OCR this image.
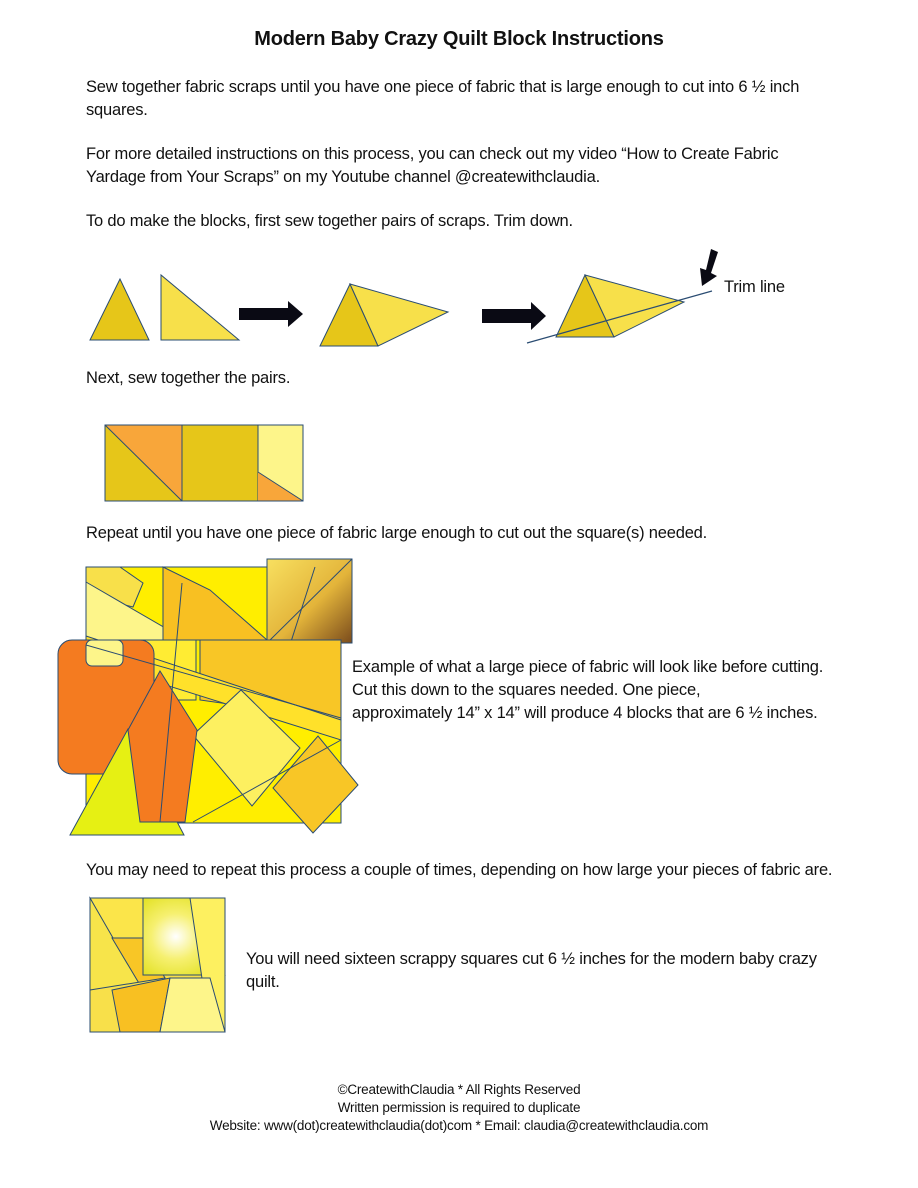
Modern Baby Crazy Quilt Block Instructions

Sew together fabric scraps until you have one piece of fabric that is large enough to cut into 6 ½ inch squares.

For more detailed instructions on this process, you can check out my video “How to Create Fabric Yardage from Your Scraps” on my Youtube channel @createwithclaudia.

To do make the blocks, first sew together pairs of scraps. Trim down.

Trim line

Next, sew together the pairs.

Repeat until you have one piece of fabric large enough to cut out the square(s) needed.

Example of what a large piece of fabric will look like before cutting.
Cut this down to the squares needed. One piece,
approximately 14” x 14” will produce 4 blocks that are 6 ½ inches.

You may need to repeat this process a couple of times, depending on how large your pieces of fabric are.

You will need sixteen scrappy squares cut 6 ½ inches for the modern baby crazy quilt.

©CreatewithClaudia * All Rights Reserved
Written permission is required to duplicate
Website: www(dot)createwithclaudia(dot)com * Email: claudia@createwithclaudia.com
